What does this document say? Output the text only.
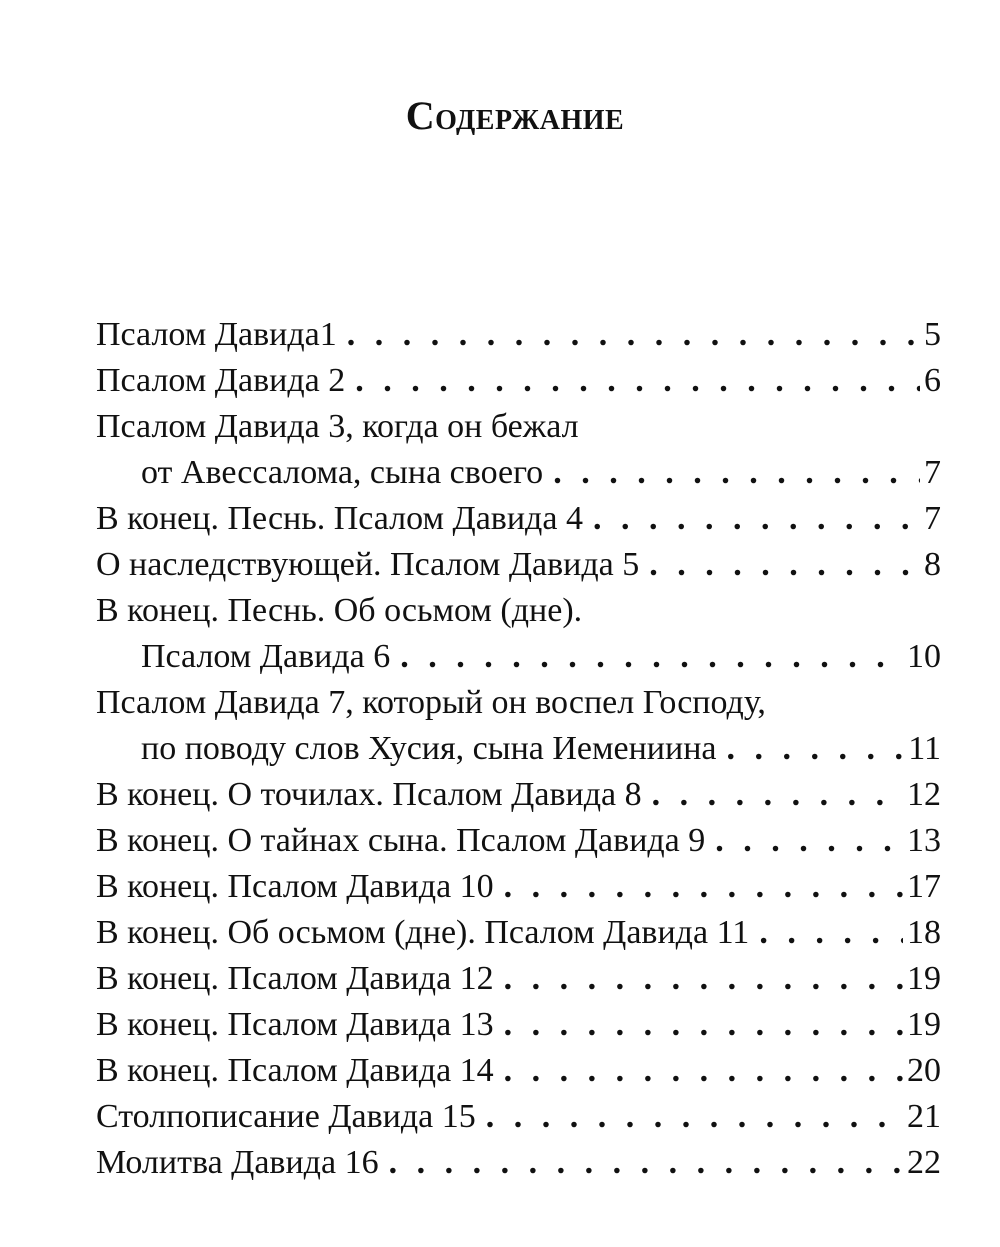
Содержание
Псалом Давида1 . . .	5
Псалом Давида 2 . . .	6
Псалом Давида 3, когда он бежал
от Авессалома, сына своего . . .	7
В конец. Песнь. Псалом Давида 4 . . .	7
О наследствующей. Псалом Давида 5 . . .	8
В конец. Песнь. Об осьмом (дне).
Псалом Давида 6 . . .	10
Псалом Давида 7, который он воспел Господу,
по поводу слов Хусия, сына Иемениина . . .	11
В конец. О точилах. Псалом Давида 8 . . .	12
В конец. О тайнах сына. Псалом Давида 9 . . .	13
В конец. Псалом Давида 10 . . .	17
В конец. Об осьмом (дне). Псалом Давида 11 . . .	18
В конец. Псалом Давида 12 . . .	19
В конец. Псалом Давида 13 . . .	19
В конец. Псалом Давида 14 . . .	20
Столпописание Давида 15 . . .	21
Молитва Давида 16 . . .	22
